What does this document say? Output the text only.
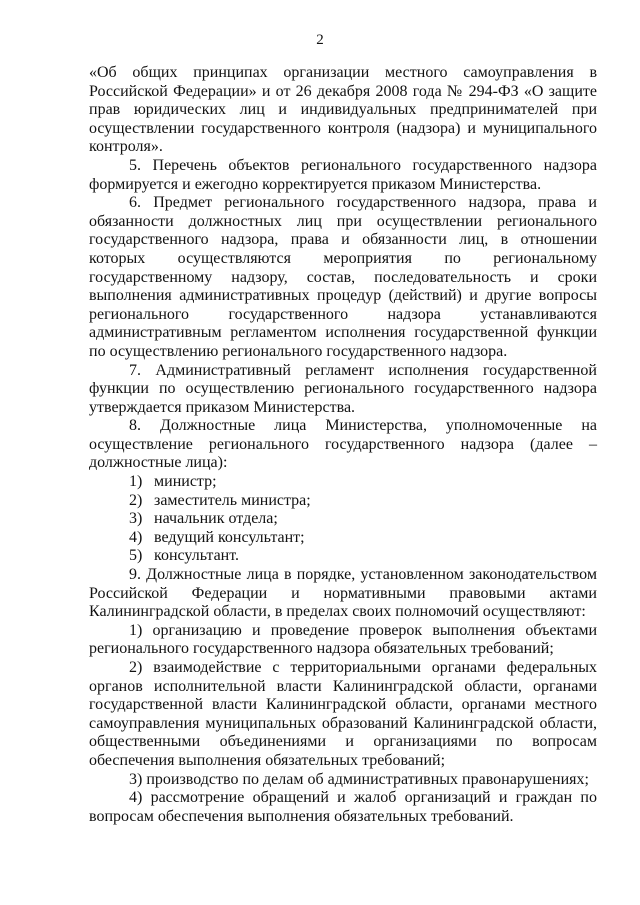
2

«Об общих принципах организации местного самоуправления в Российской Федерации» и от 26 декабря 2008 года № 294-ФЗ «О защите прав юридических лиц и индивидуальных предпринимателей при осуществлении государственного контроля (надзора) и муниципального контроля».

5. Перечень объектов регионального государственного надзора формируется и ежегодно корректируется приказом Министерства.

6. Предмет регионального государственного надзора, права и обязанности должностных лиц при осуществлении регионального государственного надзора, права и обязанности лиц, в отношении которых осуществляются мероприятия по региональному государственному надзору, состав, последовательность и сроки выполнения административных процедур (действий) и другие вопросы регионального государственного надзора устанавливаются административным регламентом исполнения государственной функции по осуществлению регионального государственного надзора.

7. Административный регламент исполнения государственной функции по осуществлению регионального государственного надзора утверждается приказом Министерства.

8. Должностные лица Министерства, уполномоченные на осуществление регионального государственного надзора (далее – должностные лица):

1) министр;

2) заместитель министра;

3) начальник отдела;

4) ведущий консультант;

5) консультант.

9. Должностные лица в порядке, установленном законодательством Российской Федерации и нормативными правовыми актами Калининградской области, в пределах своих полномочий осуществляют:

1) организацию и проведение проверок выполнения объектами регионального государственного надзора обязательных требований;

2) взаимодействие с территориальными органами федеральных органов исполнительной власти Калининградской области, органами государственной власти Калининградской области, органами местного самоуправления муниципальных образований Калининградской области, общественными объединениями и организациями по вопросам обеспечения выполнения обязательных требований;

3) производство по делам об административных правонарушениях;

4) рассмотрение обращений и жалоб организаций и граждан по вопросам обеспечения выполнения обязательных требований.
